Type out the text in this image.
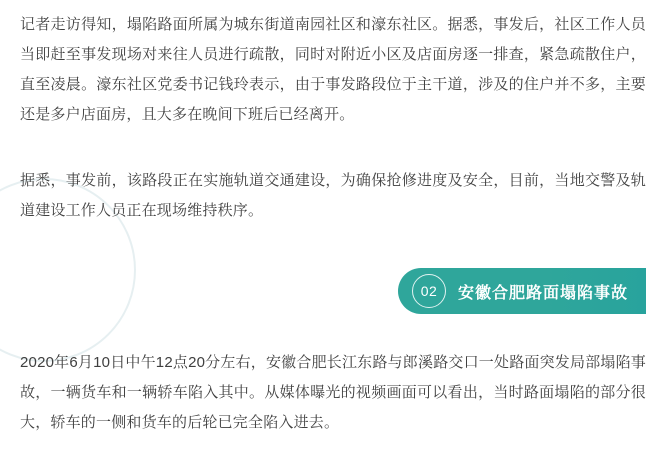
记者走访得知，塌陷路面所属为城东街道南园社区和濠东社区。据悉，事发后，社区工作人员当即赶至事发现场对来往人员进行疏散，同时对附近小区及店面房逐一排查，紧急疏散住户，直至凌晨。濠东社区党委书记钱玲表示，由于事发路段位于主干道，涉及的住户并不多，主要还是多户店面房，且大多在晚间下班后已经离开。

据悉，事发前，该路段正在实施轨道交通建设，为确保抢修进度及安全，目前，当地交警及轨道建设工作人员正在现场维持秩序。

02	安徽合肥路面塌陷事故

2020年6月10日中午12点20分左右，安徽合肥长江东路与郎溪路交口一处路面突发局部塌陷事故，一辆货车和一辆轿车陷入其中。从媒体曝光的视频画面可以看出，当时路面塌陷的部分很大，轿车的一侧和货车的后轮已完全陷入进去。
